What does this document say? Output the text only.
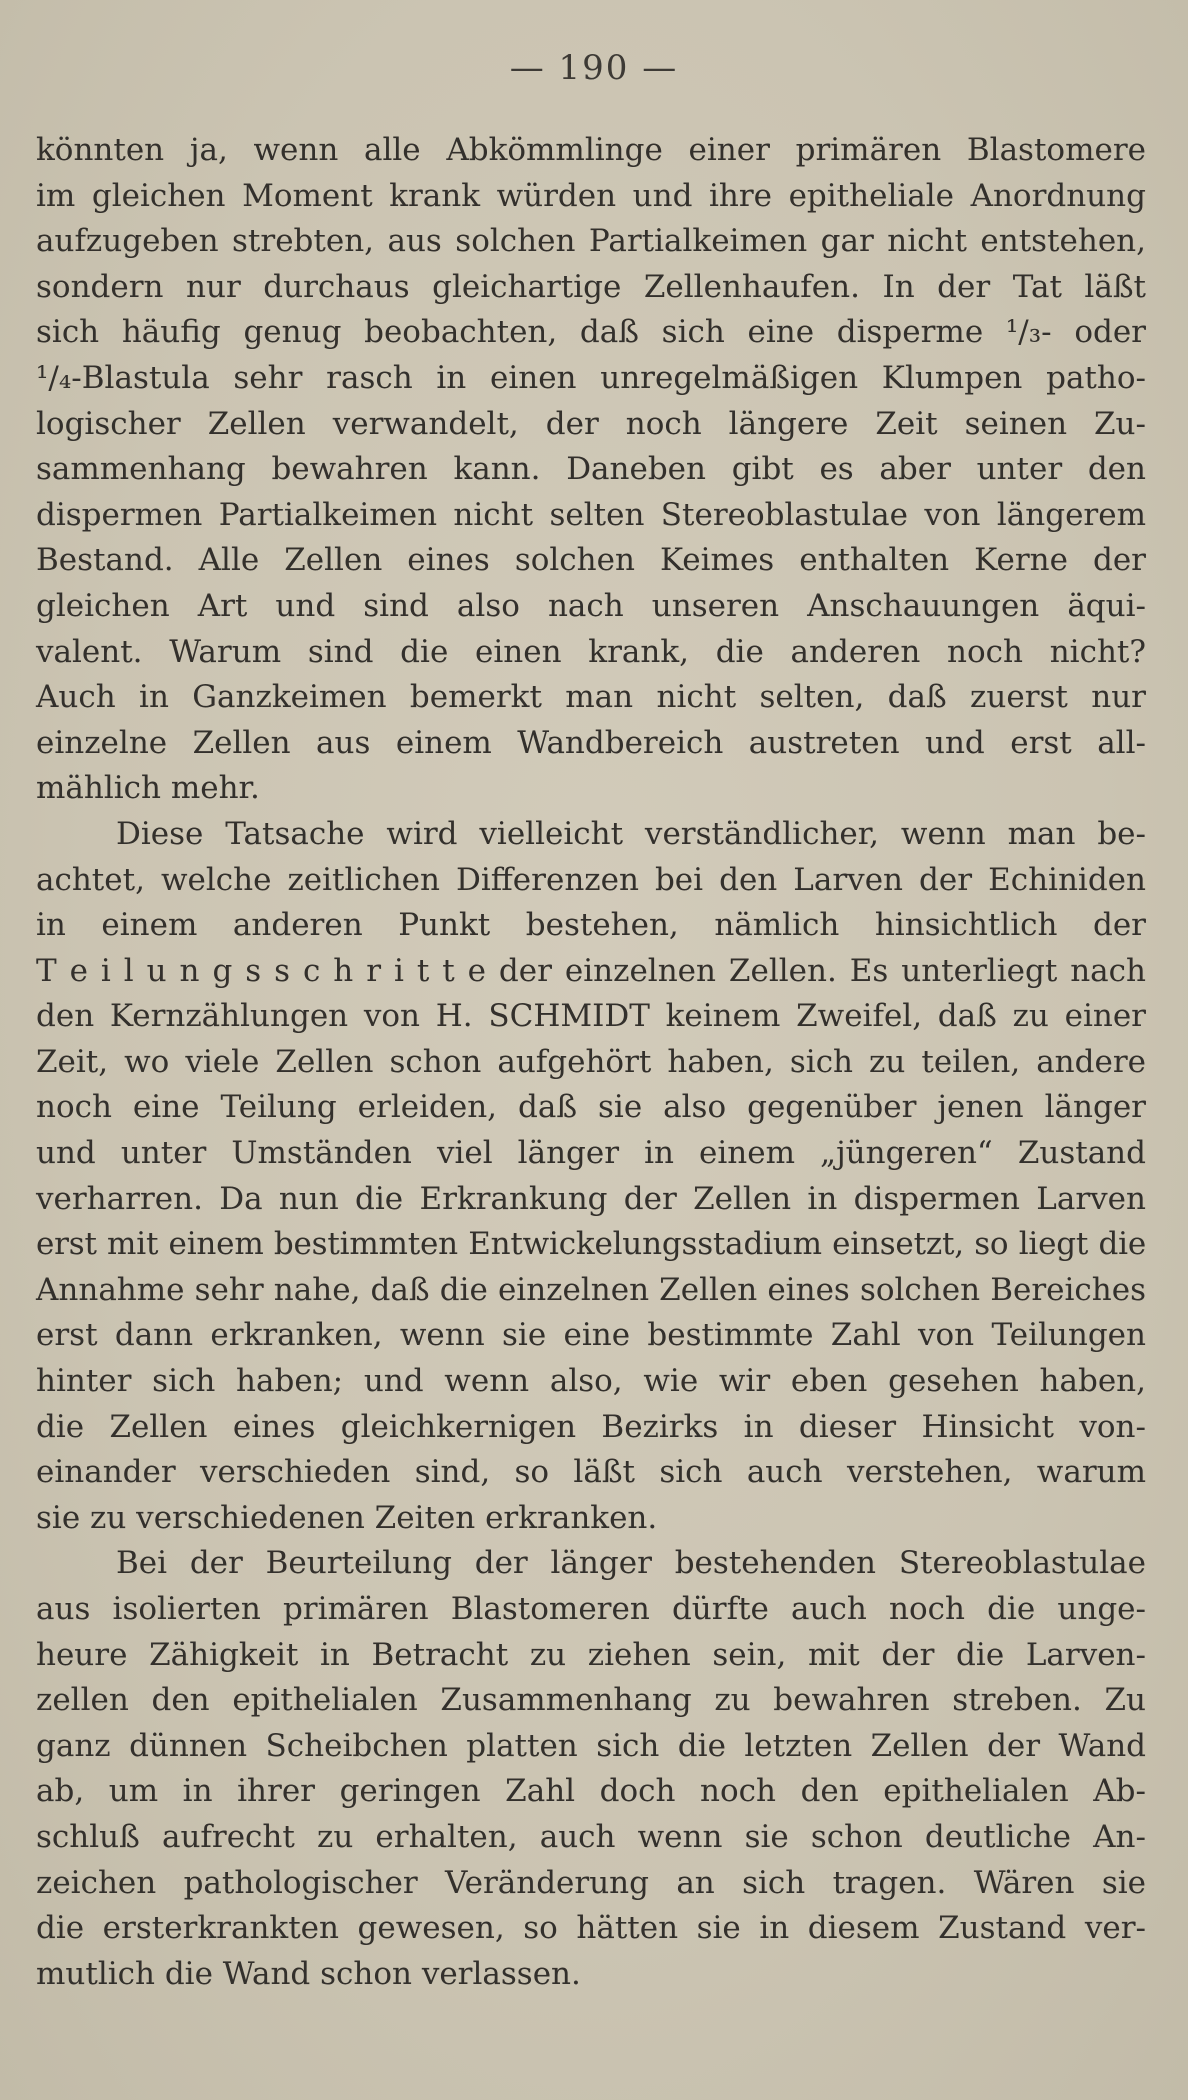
— 190 —
könnten ja, wenn alle Abkömmlinge einer primären Blastomere
im gleichen Moment krank würden und ihre epitheliale Anordnung
aufzugeben strebten, aus solchen Partialkeimen gar nicht entstehen,
sondern nur durchaus gleichartige Zellenhaufen. In der Tat läßt
sich häufig genug beobachten, daß sich eine disperme ¹/₃- oder
¹/₄-Blastula sehr rasch in einen unregelmäßigen Klumpen patho-
logischer Zellen verwandelt, der noch längere Zeit seinen Zu-
sammenhang bewahren kann. Daneben gibt es aber unter den
dispermen Partialkeimen nicht selten Stereoblastulae von längerem
Bestand. Alle Zellen eines solchen Keimes enthalten Kerne der
gleichen Art und sind also nach unseren Anschauungen äqui-
valent. Warum sind die einen krank, die anderen noch nicht?
Auch in Ganzkeimen bemerkt man nicht selten, daß zuerst nur
einzelne Zellen aus einem Wandbereich austreten und erst all-
mählich mehr.
Diese Tatsache wird vielleicht verständlicher, wenn man be-
achtet, welche zeitlichen Differenzen bei den Larven der Echiniden
in einem anderen Punkt bestehen, nämlich hinsichtlich der
T e i l u n g s s c h r i t t e der einzelnen Zellen. Es unterliegt nach
den Kernzählungen von H. SCHMIDT keinem Zweifel, daß zu einer
Zeit, wo viele Zellen schon aufgehört haben, sich zu teilen, andere
noch eine Teilung erleiden, daß sie also gegenüber jenen länger
und unter Umständen viel länger in einem „jüngeren“ Zustand
verharren. Da nun die Erkrankung der Zellen in dispermen Larven
erst mit einem bestimmten Entwickelungsstadium einsetzt, so liegt die
Annahme sehr nahe, daß die einzelnen Zellen eines solchen Bereiches
erst dann erkranken, wenn sie eine bestimmte Zahl von Teilungen
hinter sich haben; und wenn also, wie wir eben gesehen haben,
die Zellen eines gleichkernigen Bezirks in dieser Hinsicht von-
einander verschieden sind, so läßt sich auch verstehen, warum
sie zu verschiedenen Zeiten erkranken.
Bei der Beurteilung der länger bestehenden Stereoblastulae
aus isolierten primären Blastomeren dürfte auch noch die unge-
heure Zähigkeit in Betracht zu ziehen sein, mit der die Larven-
zellen den epithelialen Zusammenhang zu bewahren streben. Zu
ganz dünnen Scheibchen platten sich die letzten Zellen der Wand
ab, um in ihrer geringen Zahl doch noch den epithelialen Ab-
schluß aufrecht zu erhalten, auch wenn sie schon deutliche An-
zeichen pathologischer Veränderung an sich tragen. Wären sie
die ersterkrankten gewesen, so hätten sie in diesem Zustand ver-
mutlich die Wand schon verlassen.
